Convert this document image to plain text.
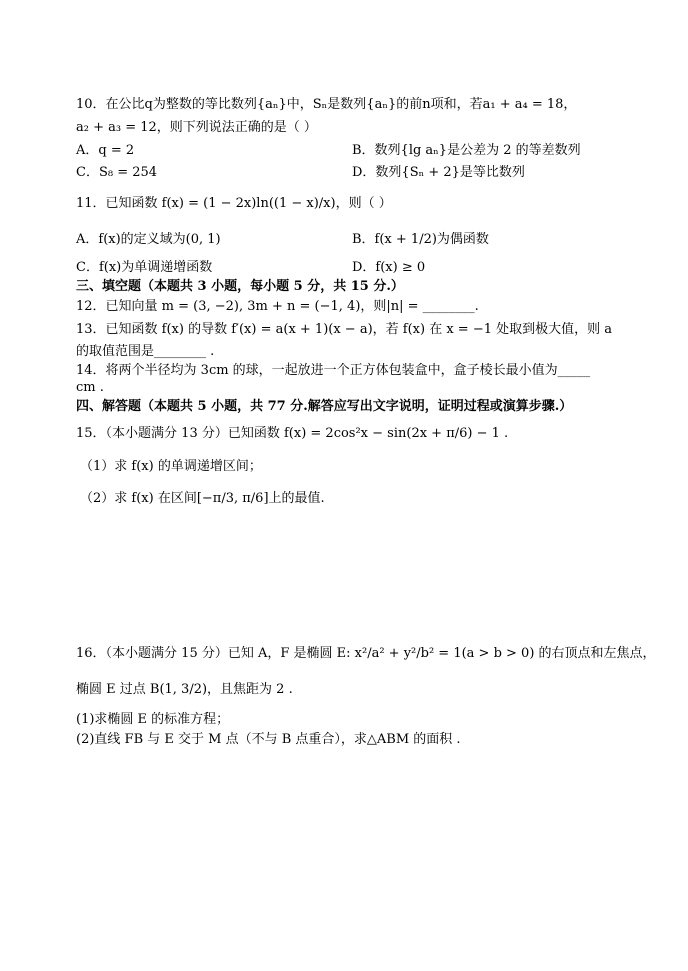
10．在公比q为整数的等比数列{aₙ}中，Sₙ是数列{aₙ}的前n项和，若a₁ + a₄ = 18，
a₂ + a₃ = 12，则下列说法正确的是（ ）
A．q = 2	B．数列{lg aₙ}是公差为 2 的等差数列
C．S₈ = 254	D．数列{Sₙ + 2}是等比数列
11．已知函数 f(x) = (1 − 2x)ln((1 − x)/x)，则（ ）
A．f(x)的定义域为(0, 1)	B．f(x + 1/2)为偶函数
C．f(x)为单调递增函数	D．f(x) ≥ 0
三、填空题（本题共 3 小题，每小题 5 分，共 15 分.）
12．已知向量 m = (3, −2), 3m + n = (−1, 4)，则|n| = ________.
13．已知函数 f(x) 的导数 f′(x) = a(x + 1)(x − a)，若 f(x) 在 x = −1 处取到极大值，则 a
的取值范围是________ .
14．将两个半径均为 3cm 的球，一起放进一个正方体包装盒中，盒子棱长最小值为_____
cm .
四、解答题（本题共 5 小题，共 77 分.解答应写出文字说明，证明过程或演算步骤.）
15．（本小题满分 13 分）已知函数 f(x) = 2cos²x − sin(2x + π/6) − 1 .
（1）求 f(x) 的单调递增区间；
（2）求 f(x) 在区间[−π/3, π/6]上的最值.
16．（本小题满分 15 分）已知 A，F 是椭圆 E: x²/a² + y²/b² = 1(a > b > 0) 的右顶点和左焦点，
椭圆 E 过点 B(1, 3/2)，且焦距为 2 .
(1)求椭圆 E 的标准方程；
(2)直线 FB 与 E 交于 M 点（不与 B 点重合），求△ABM 的面积 .
